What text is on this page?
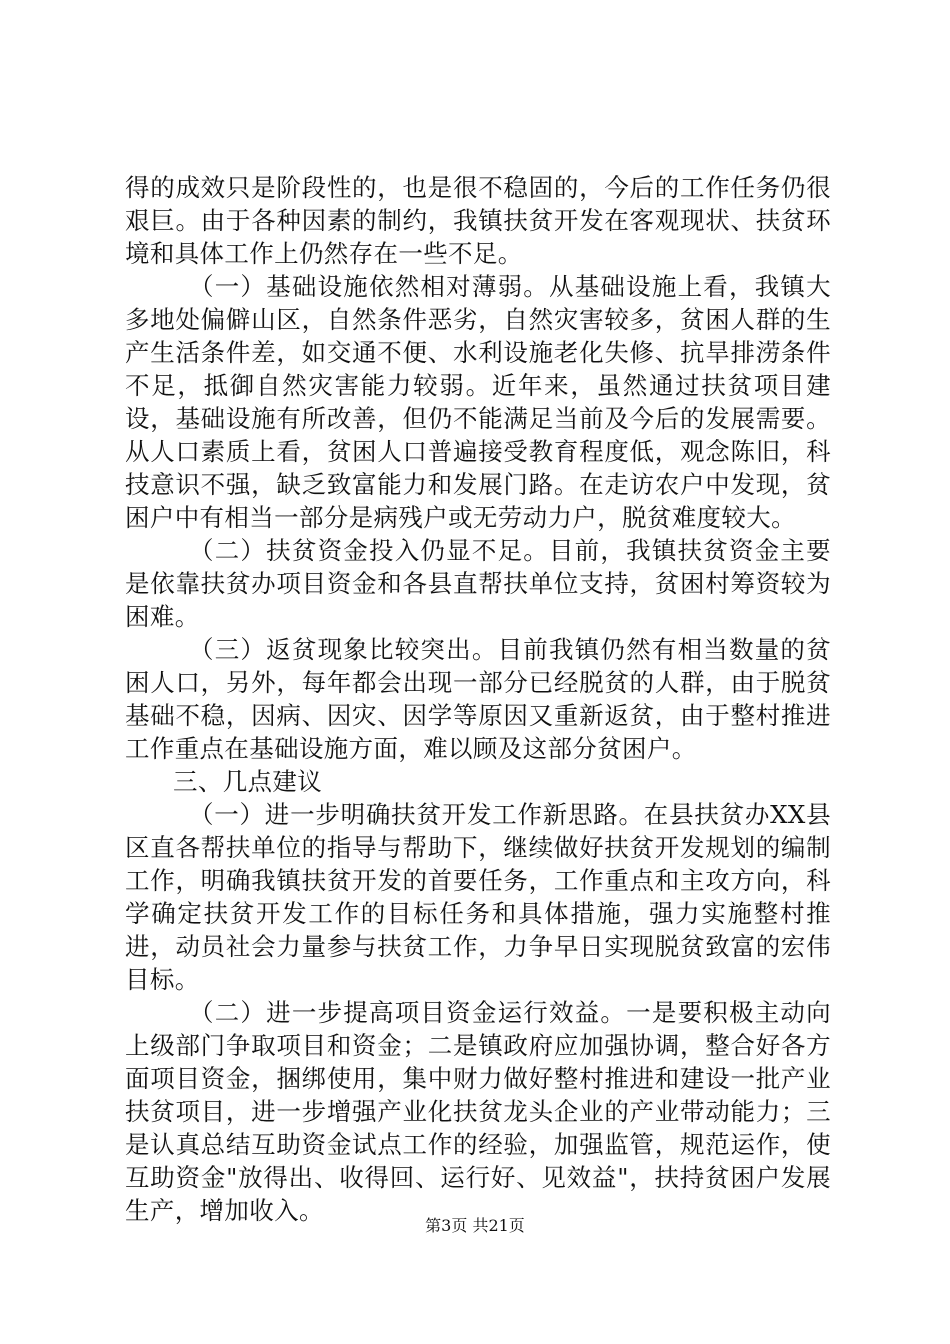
得的成效只是阶段性的，也是很不稳固的，今后的工作任务仍很艰巨。由于各种因素的制约，我镇扶贫开发在客观现状、扶贫环境和具体工作上仍然存在一些不足。

（一）基础设施依然相对薄弱。从基础设施上看，我镇大多地处偏僻山区，自然条件恶劣，自然灾害较多，贫困人群的生产生活条件差，如交通不便、水利设施老化失修、抗旱排涝条件不足，抵御自然灾害能力较弱。近年来，虽然通过扶贫项目建设，基础设施有所改善，但仍不能满足当前及今后的发展需要。从人口素质上看，贫困人口普遍接受教育程度低，观念陈旧，科技意识不强，缺乏致富能力和发展门路。在走访农户中发现，贫困户中有相当一部分是病残户或无劳动力户，脱贫难度较大。

（二）扶贫资金投入仍显不足。目前，我镇扶贫资金主要是依靠扶贫办项目资金和各县直帮扶单位支持，贫困村筹资较为困难。

（三）返贫现象比较突出。目前我镇仍然有相当数量的贫困人口，另外，每年都会出现一部分已经脱贫的人群，由于脱贫基础不稳，因病、因灾、因学等原因又重新返贫，由于整村推进工作重点在基础设施方面，难以顾及这部分贫困户。

三、几点建议

（一）进一步明确扶贫开发工作新思路。在县扶贫办XX县区直各帮扶单位的指导与帮助下，继续做好扶贫开发规划的编制工作，明确我镇扶贫开发的首要任务，工作重点和主攻方向，科学确定扶贫开发工作的目标任务和具体措施，强力实施整村推进，动员社会力量参与扶贫工作，力争早日实现脱贫致富的宏伟目标。

（二）进一步提高项目资金运行效益。一是要积极主动向上级部门争取项目和资金；二是镇政府应加强协调，整合好各方面项目资金，捆绑使用，集中财力做好整村推进和建设一批产业扶贫项目，进一步增强产业化扶贫龙头企业的产业带动能力；三是认真总结互助资金试点工作的经验，加强监管，规范运作，使互助资金"放得出、收得回、运行好、见效益"，扶持贫困户发展生产，增加收入。

第3页 共21页
